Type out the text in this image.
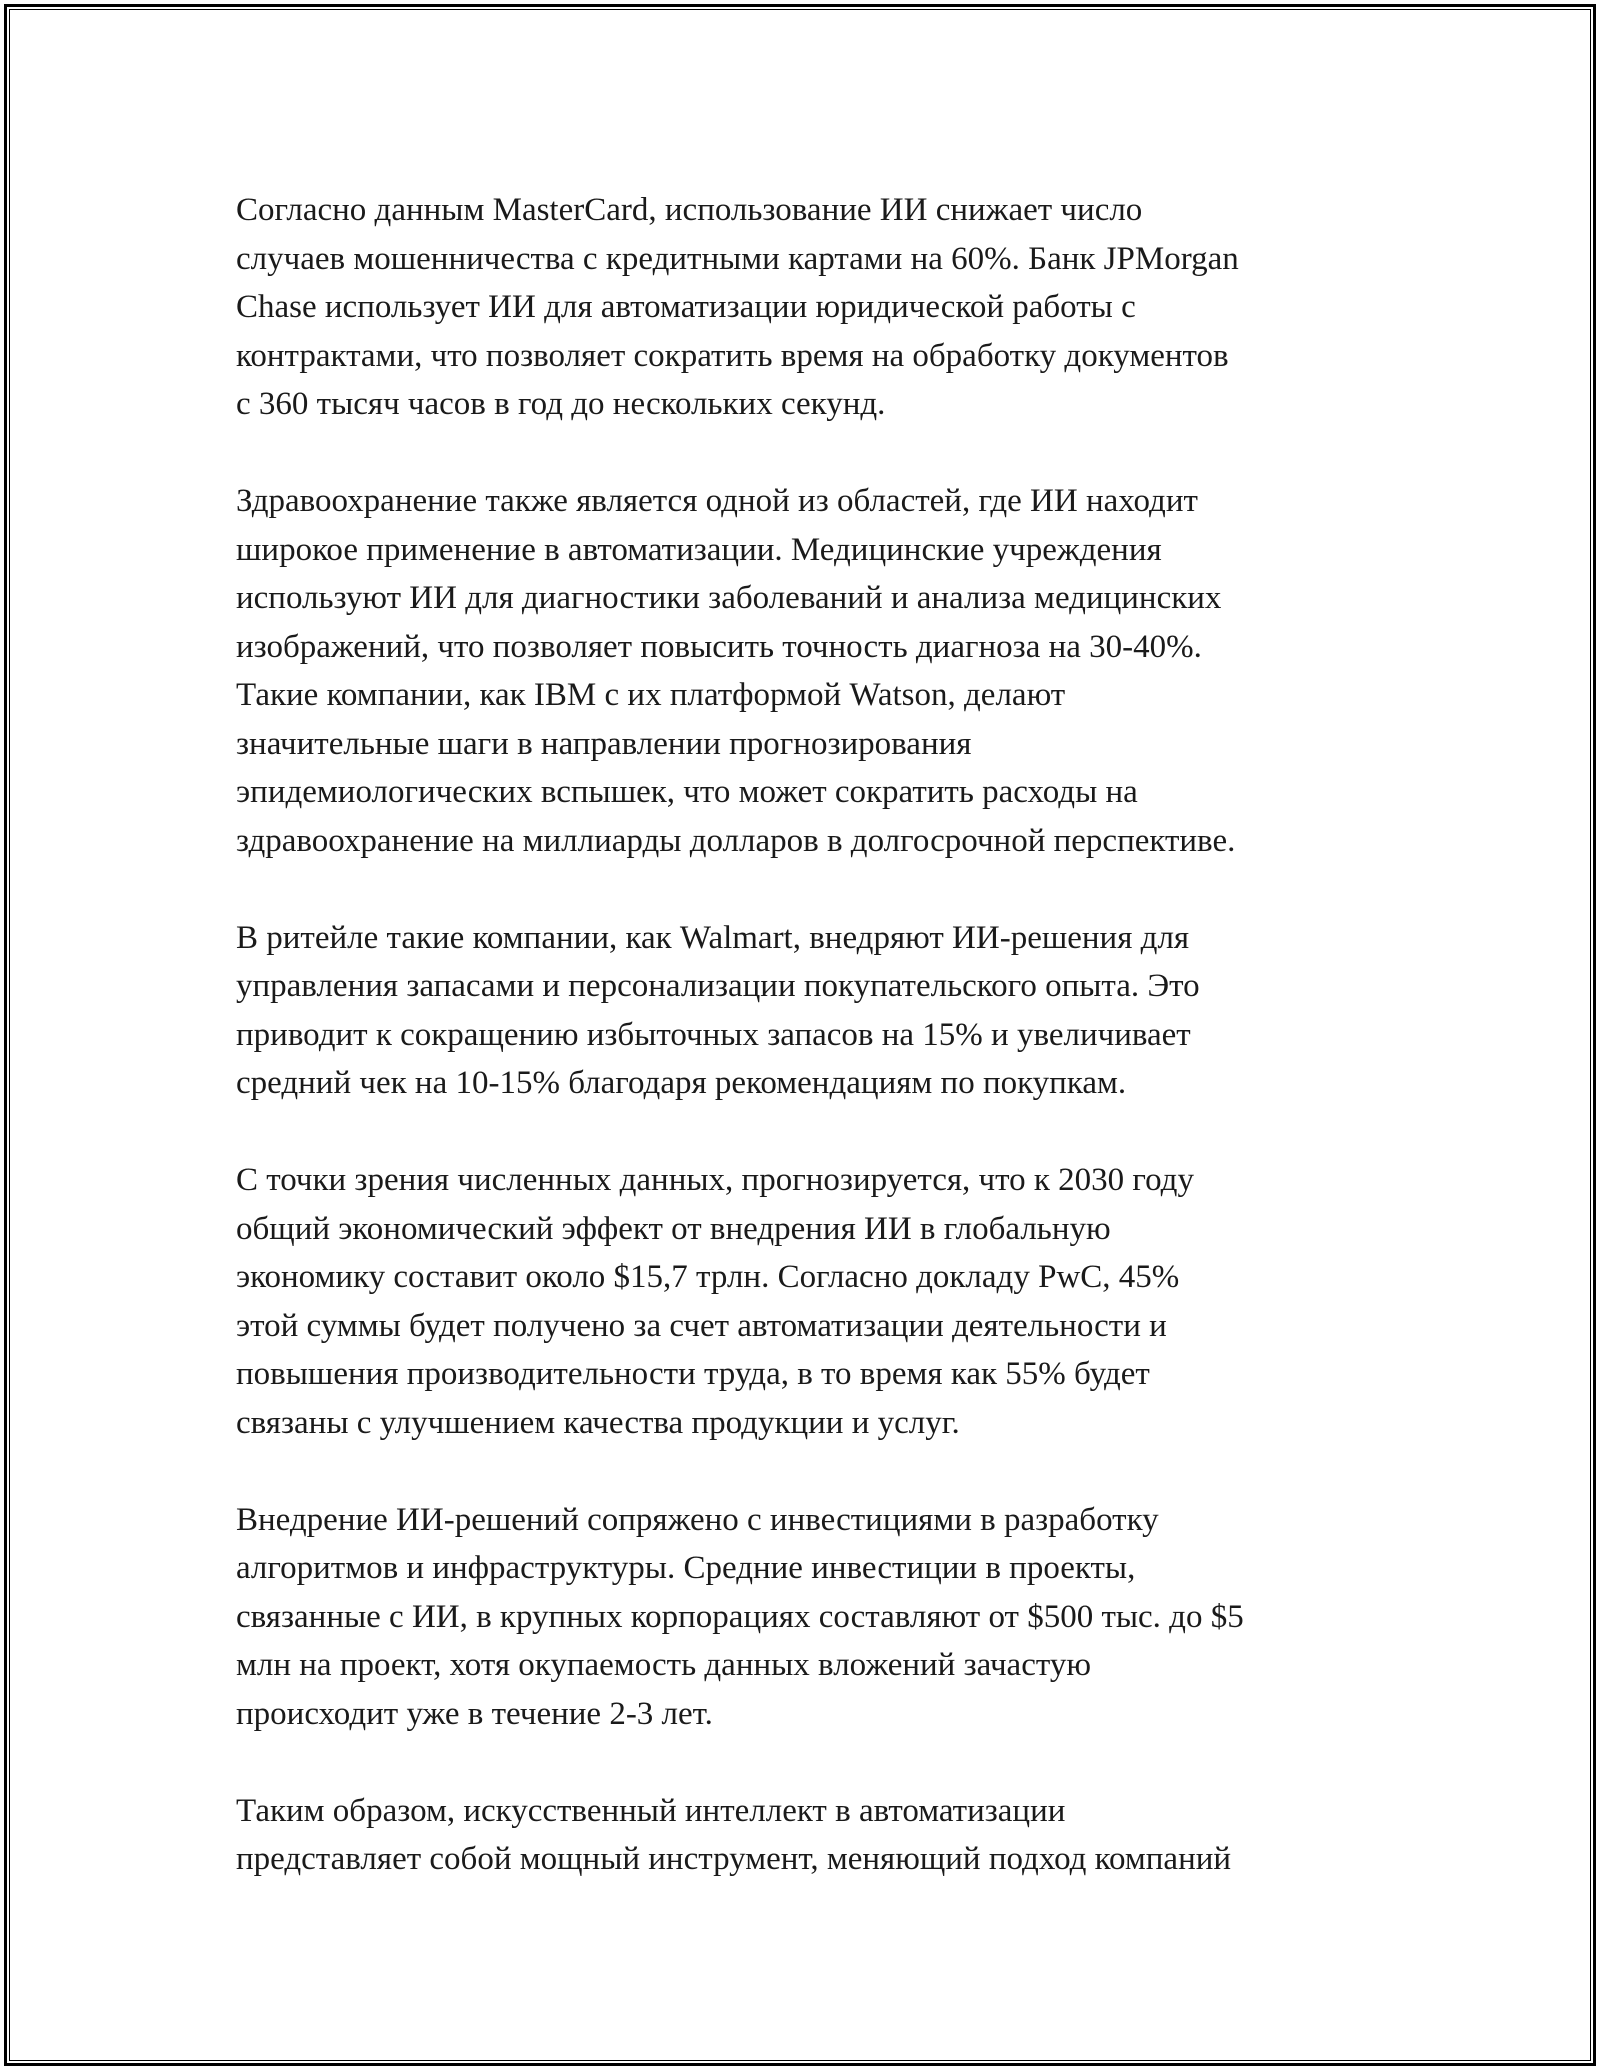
Согласно данным MasterCard, использование ИИ снижает число
случаев мошенничества с кредитными картами на 60%. Банк JPMorgan
Chase использует ИИ для автоматизации юридической работы с
контрактами, что позволяет сократить время на обработку документов
с 360 тысяч часов в год до нескольких секунд.

Здравоохранение также является одной из областей, где ИИ находит
широкое применение в автоматизации. Медицинские учреждения
используют ИИ для диагностики заболеваний и анализа медицинских
изображений, что позволяет повысить точность диагноза на 30-40%.
Такие компании, как IBM с их платформой Watson, делают
значительные шаги в направлении прогнозирования
эпидемиологических вспышек, что может сократить расходы на
здравоохранение на миллиарды долларов в долгосрочной перспективе.

В ритейле такие компании, как Walmart, внедряют ИИ-решения для
управления запасами и персонализации покупательского опыта. Это
приводит к сокращению избыточных запасов на 15% и увеличивает
средний чек на 10-15% благодаря рекомендациям по покупкам.

С точки зрения численных данных, прогнозируется, что к 2030 году
общий экономический эффект от внедрения ИИ в глобальную
экономику составит около $15,7 трлн. Согласно докладу PwC, 45%
этой суммы будет получено за счет автоматизации деятельности и
повышения производительности труда, в то время как 55% будет
связаны с улучшением качества продукции и услуг.

Внедрение ИИ-решений сопряжено с инвестициями в разработку
алгоритмов и инфраструктуры. Средние инвестиции в проекты,
связанные с ИИ, в крупных корпорациях составляют от $500 тыс. до $5
млн на проект, хотя окупаемость данных вложений зачастую
происходит уже в течение 2-3 лет.

Таким образом, искусственный интеллект в автоматизации
представляет собой мощный инструмент, меняющий подход компаний
